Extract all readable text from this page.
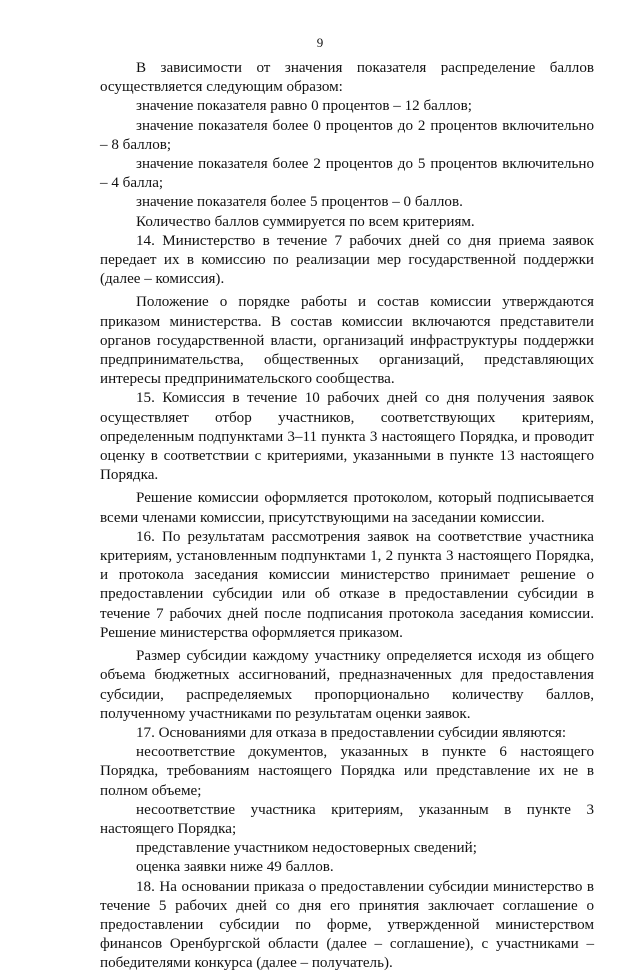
9

В зависимости от значения показателя распределение баллов осуществляется следующим образом:

значение показателя равно 0 процентов – 12 баллов;

значение показателя более 0 процентов до 2 процентов включительно – 8 баллов;

значение показателя более 2 процентов до 5 процентов включительно – 4 балла;

значение показателя более 5 процентов – 0 баллов.

Количество баллов суммируется по всем критериям.

14. Министерство в течение 7 рабочих дней со дня приема заявок передает их в комиссию по реализации мер государственной поддержки (далее – комиссия).

Положение о порядке работы и состав комиссии утверждаются приказом министерства. В состав комиссии включаются представители органов государственной власти, организаций инфраструктуры поддержки предпринимательства, общественных организаций, представляющих интересы предпринимательского сообщества.

15. Комиссия в течение 10 рабочих дней со дня получения заявок осуществляет отбор участников, соответствующих критериям, определенным подпунктами 3–11 пункта 3 настоящего Порядка, и проводит оценку в соответствии с критериями, указанными в пункте 13 настоящего Порядка.

Решение комиссии оформляется протоколом, который подписывается всеми членами комиссии, присутствующими на заседании комиссии.

16. По результатам рассмотрения заявок на соответствие участника критериям, установленным подпунктами 1, 2 пункта 3 настоящего Порядка, и протокола заседания комиссии министерство принимает решение о предоставлении субсидии или об отказе в предоставлении субсидии в течение 7 рабочих дней после подписания протокола заседания комиссии. Решение министерства оформляется приказом.

Размер субсидии каждому участнику определяется исходя из общего объема бюджетных ассигнований, предназначенных для предоставления субсидии, распределяемых пропорционально количеству баллов, полученному участниками по результатам оценки заявок.

17. Основаниями для отказа в предоставлении субсидии являются:

несоответствие документов, указанных в пункте 6 настоящего Порядка, требованиям настоящего Порядка или представление их не в полном объеме;

несоответствие участника критериям, указанным в пункте 3 настоящего Порядка;

представление участником недостоверных сведений;

оценка заявки ниже 49 баллов.

18. На основании приказа о предоставлении субсидии министерство в течение 5 рабочих дней со дня его принятия заключает соглашение о предоставлении субсидии по форме, утвержденной министерством финансов Оренбургской области (далее – соглашение), с участниками – победителями конкурса (далее – получатель).
